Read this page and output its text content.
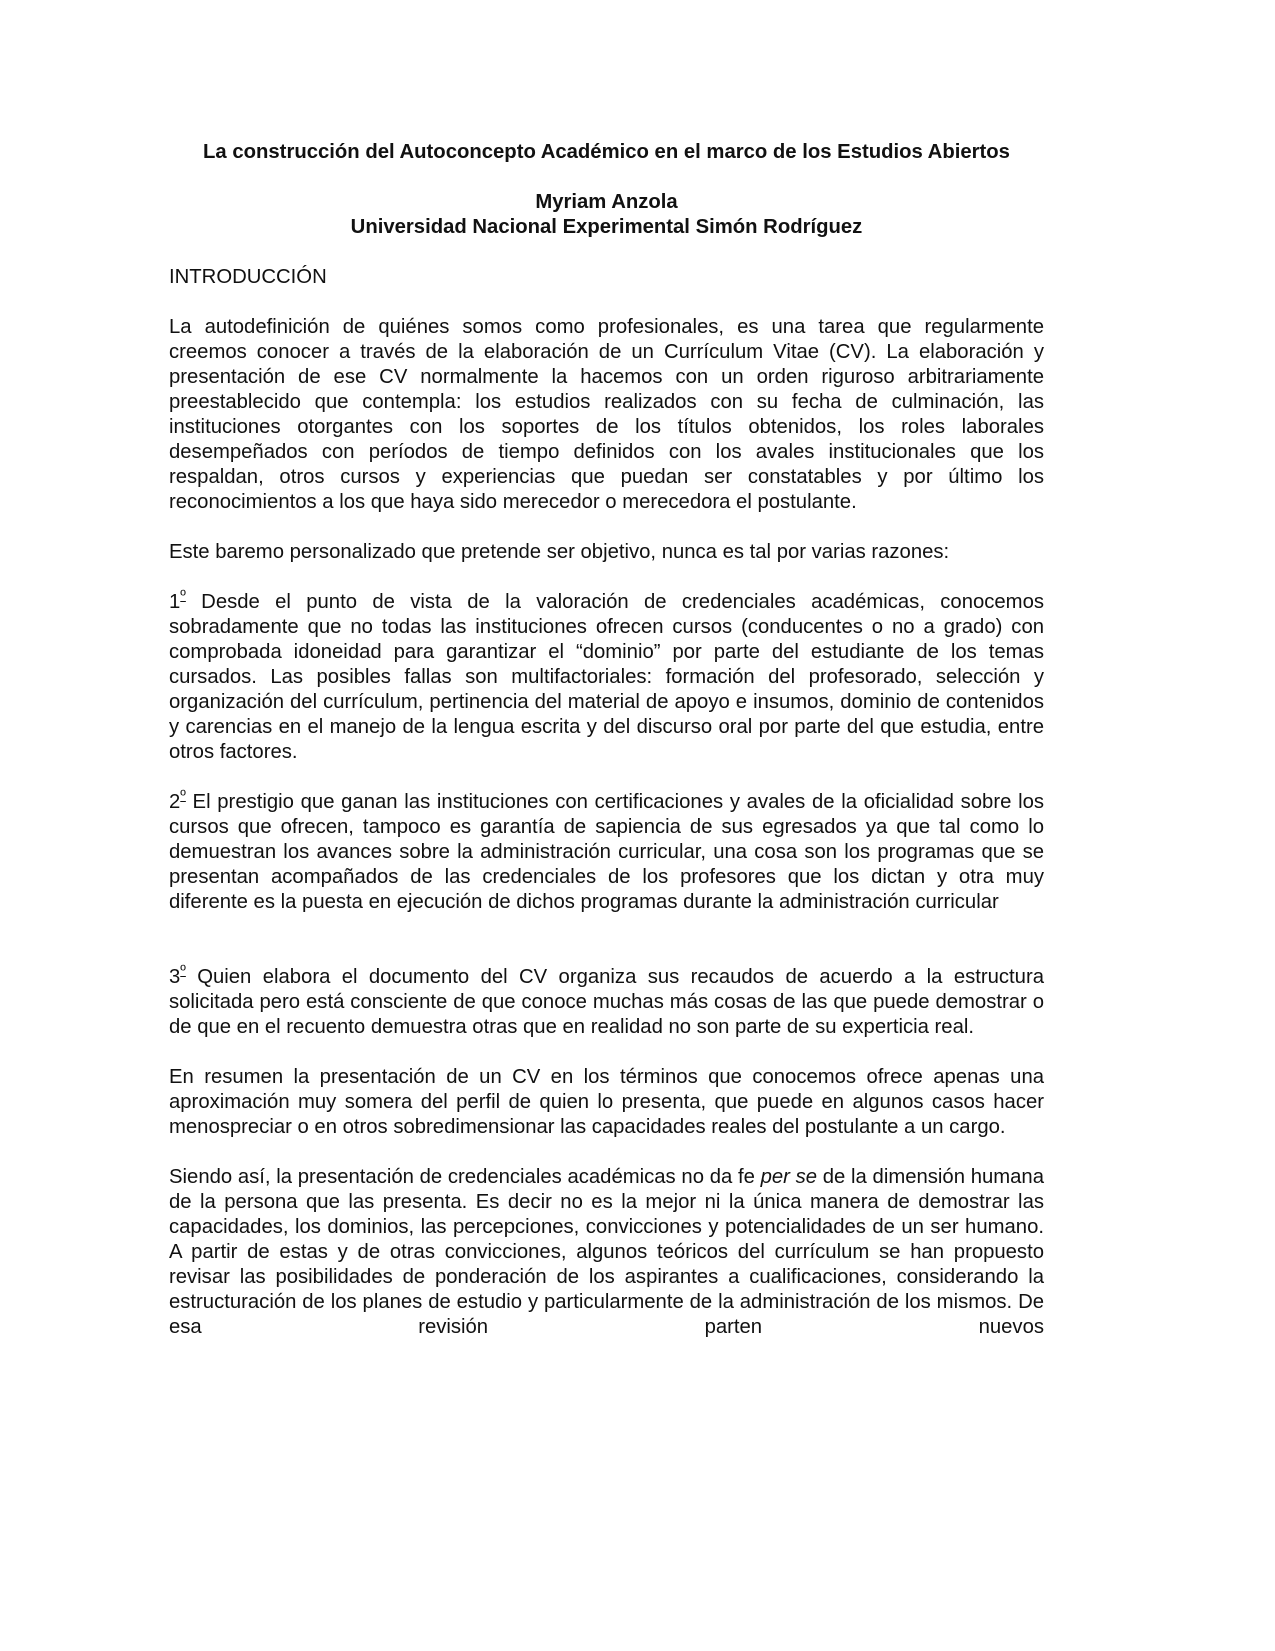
La construcción del Autoconcepto Académico en el marco de los Estudios Abiertos
Myriam Anzola
Universidad Nacional Experimental Simón Rodríguez
INTRODUCCIÓN

La autodefinición de quiénes somos como profesionales, es una tarea que regularmente creemos conocer a través de la elaboración de un Currículum Vitae (CV). La elaboración y presentación de ese CV normalmente la hacemos con un orden riguroso arbitrariamente preestablecido que contempla: los estudios realizados con su fecha de culminación, las instituciones otorgantes con los soportes de los títulos obtenidos, los roles laborales desempeñados con períodos de tiempo definidos con los avales institucionales que los respaldan, otros cursos y experiencias que puedan ser constatables y por último los reconocimientos a los que haya sido merecedor o merecedora el postulante.

Este baremo personalizado que pretende ser objetivo, nunca es tal por varias razones:

$1^º$ Desde el punto de vista de la valoración de credenciales académicas, conocemos sobradamente que no todas las instituciones ofrecen cursos (conducentes o no a grado) con comprobada idoneidad para garantizar el “dominio” por parte del estudiante de los temas cursados. Las posibles fallas son multifactoriales: formación del profesorado, selección y organización del currículum, pertinencia del material de apoyo e insumos, dominio de contenidos y carencias en el manejo de la lengua escrita y del discurso oral por parte del que estudia, entre otros factores.

$2^º$ El prestigio que ganan las instituciones con certificaciones y avales de la oficialidad sobre los cursos que ofrecen, tampoco es garantía de sapiencia de sus egresados ya que tal como lo demuestran los avances sobre la administración curricular, una cosa son los programas que se presentan acompañados de las credenciales de los profesores que los dictan y otra muy diferente es la puesta en ejecución de dichos programas durante la administración curricular

$3^º$ Quien elabora el documento del CV organiza sus recaudos de acuerdo a la estructura solicitada pero está consciente de que conoce muchas más cosas de las que puede demostrar o de que en el recuento demuestra otras que en realidad no son parte de su experticia real.

En resumen la presentación de un CV en los términos que conocemos ofrece apenas una aproximación muy somera del perfil de quien lo presenta, que puede en algunos casos hacer menospreciar o en otros sobredimensionar las capacidades reales del postulante a un cargo.

Siendo así, la presentación de credenciales académicas no da fe per se de la dimensión humana de la persona que las presenta. Es decir no es la mejor ni la única manera de demostrar las capacidades, los dominios, las percepciones, convicciones y potencialidades de un ser humano. A partir de estas y de otras convicciones, algunos teóricos del currículum se han propuesto revisar las posibilidades de ponderación de los aspirantes a cualificaciones, considerando la estructuración de los planes de estudio y particularmente de la administración de los mismos. De esa revisión parten nuevos
